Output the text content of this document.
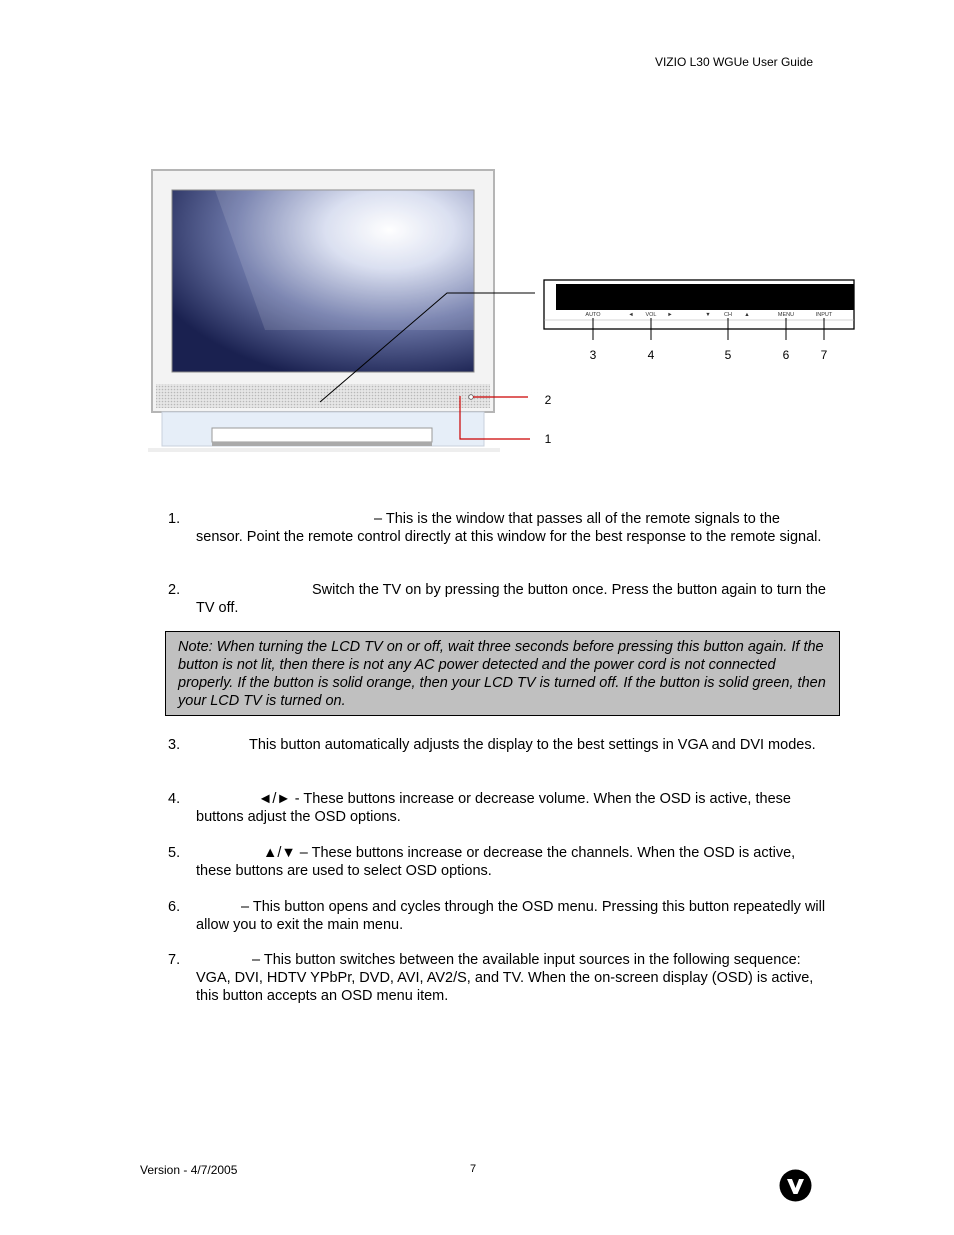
VIZIO L30 WGUe User Guide
AUTO	◄ VOL ►	▼ CH ▲	MENU	INPUT
3	4	5	6	7
2
1
1.	– This is the window that passes all of the remote signals to the sensor. Point the remote control directly at this window for the best response to the remote signal.
2.	Switch the TV on by pressing the button once. Press the button again to turn the TV off.
Note: When turning the LCD TV on or off, wait three seconds before pressing this button again. If the button is not lit, then there is not any AC power detected and the power cord is not connected properly. If the button is solid orange, then your LCD TV is turned off. If the button is solid green, then your LCD TV is turned on.
3.	This button automatically adjusts the display to the best settings in VGA and DVI modes.
4.	◄/► - These buttons increase or decrease volume. When the OSD is active, these buttons adjust the OSD options.
5.	▲/▼ – These buttons increase or decrease the channels. When the OSD is active, these buttons are used to select OSD options.
6.	– This button opens and cycles through the OSD menu. Pressing this button repeatedly will allow you to exit the main menu.
7.	– This button switches between the available input sources in the following sequence: VGA, DVI, HDTV YPbPr, DVD, AVI, AV2/S, and TV. When the on-screen display (OSD) is active, this button accepts an OSD menu item.
Version - 4/7/2005	7
